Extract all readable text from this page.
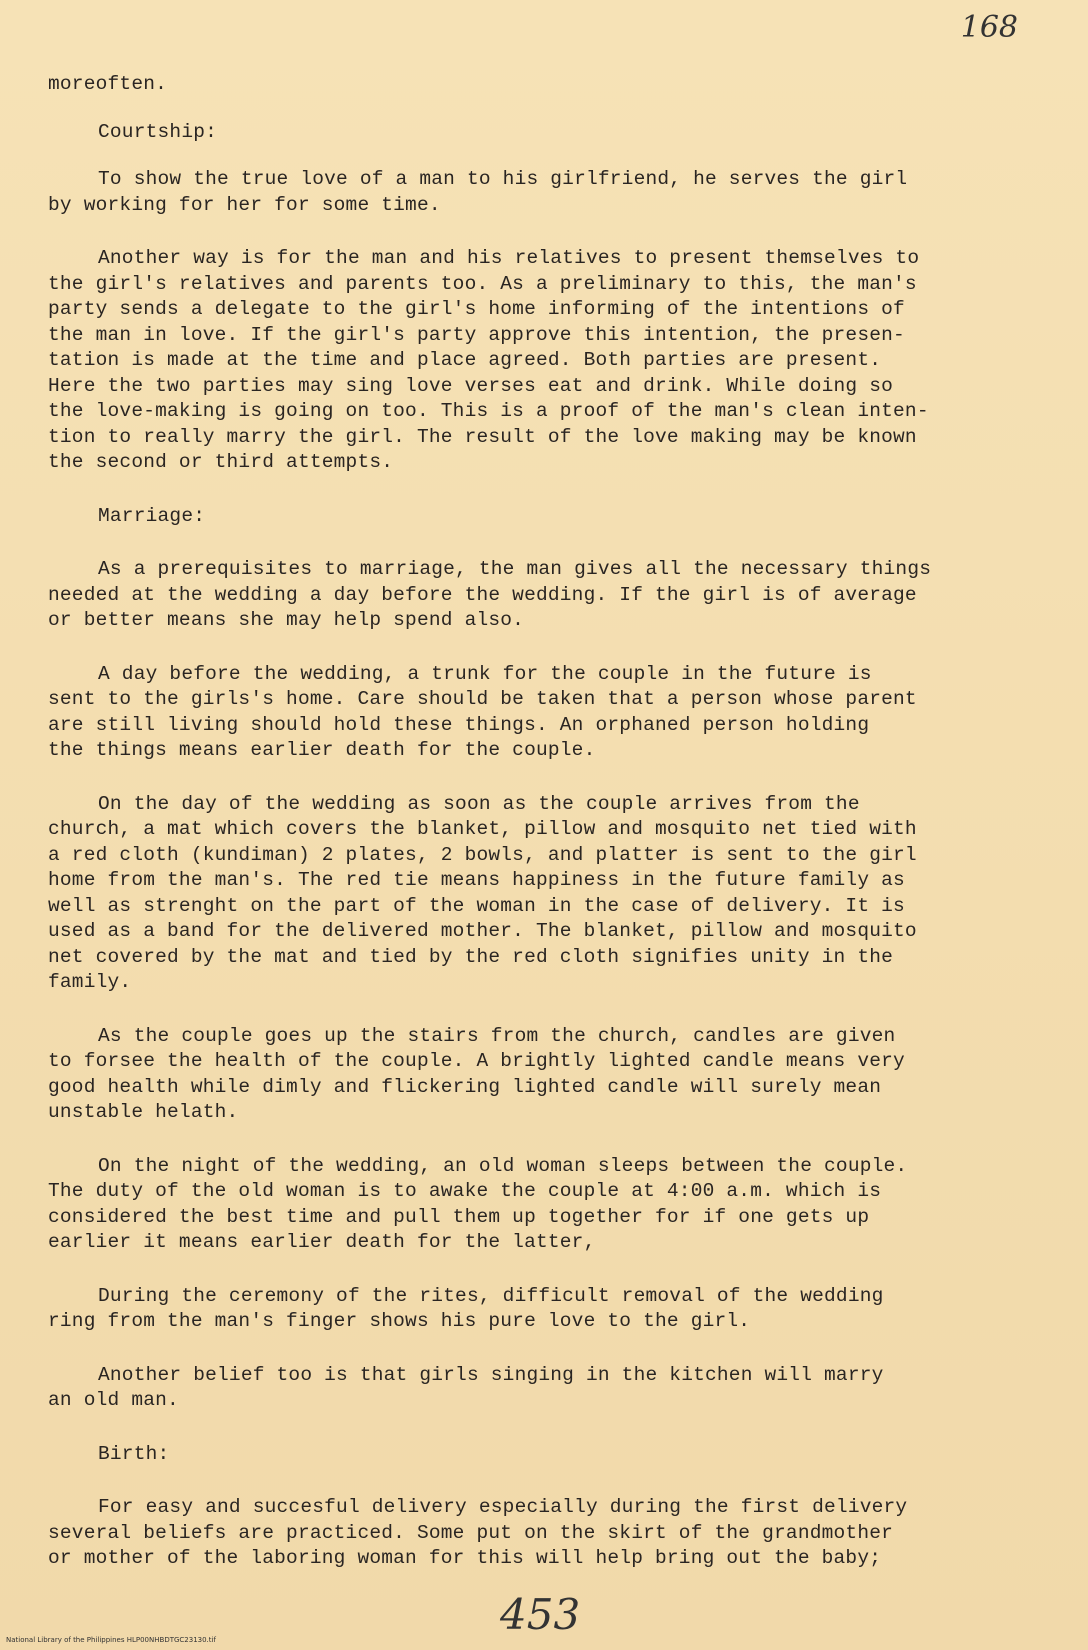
168
moreoften.
Courtship:
To show the true love of a man to his girlfriend, he serves the girl
by working for her for some time.
Another way is for the man and his relatives to present themselves to
the girl's relatives and parents too. As a preliminary to this, the man's
party sends a delegate to the girl's home informing of the intentions of
the man in love. If the girl's party approve this intention, the presen-
tation is made at the time and place agreed. Both parties are present.
Here the two parties may sing love verses eat and drink. While doing so
the love-making is going on too. This is a proof of the man's clean inten-
tion to really marry the girl. The result of the love making may be known
the second or third attempts.
Marriage:
As a prerequisites to marriage, the man gives all the necessary things
needed at the wedding a day before the wedding. If the girl is of average
or better means she may help spend also.
A day before the wedding, a trunk for the couple in the future is
sent to the girls's home. Care should be taken that a person whose parent
are still living should hold these things. An orphaned person holding
the things means earlier death for the couple.
On the day of the wedding as soon as the couple arrives from the
church, a mat which covers the blanket, pillow and mosquito net tied with
a red cloth (kundiman) 2 plates, 2 bowls, and platter is sent to the girl
home from the man's. The red tie means happiness in the future family as
well as strenght on the part of the woman in the case of delivery. It is
used as a band for the delivered mother. The blanket, pillow and mosquito
net covered by the mat and tied by the red cloth signifies unity in the
family.
As the couple goes up the stairs from the church, candles are given
to forsee the health of the couple. A brightly lighted candle means very
good health while dimly and flickering lighted candle will surely mean
unstable helath.
On the night of the wedding, an old woman sleeps between the couple.
The duty of the old woman is to awake the couple at 4:00 a.m. which is
considered the best time and pull them up together for if one gets up
earlier it means earlier death for the latter,
During the ceremony of the rites, difficult removal of the wedding
ring from the man's finger shows his pure love to the girl.
Another belief too is that girls singing in the kitchen will marry
an old man.
Birth:
For easy and succesful delivery especially during the first delivery
several beliefs are practiced. Some put on the skirt of the grandmother
or mother of the laboring woman for this will help bring out the baby;
453
National Library of the Philippines HLP00NHBDTGC23130.tif
